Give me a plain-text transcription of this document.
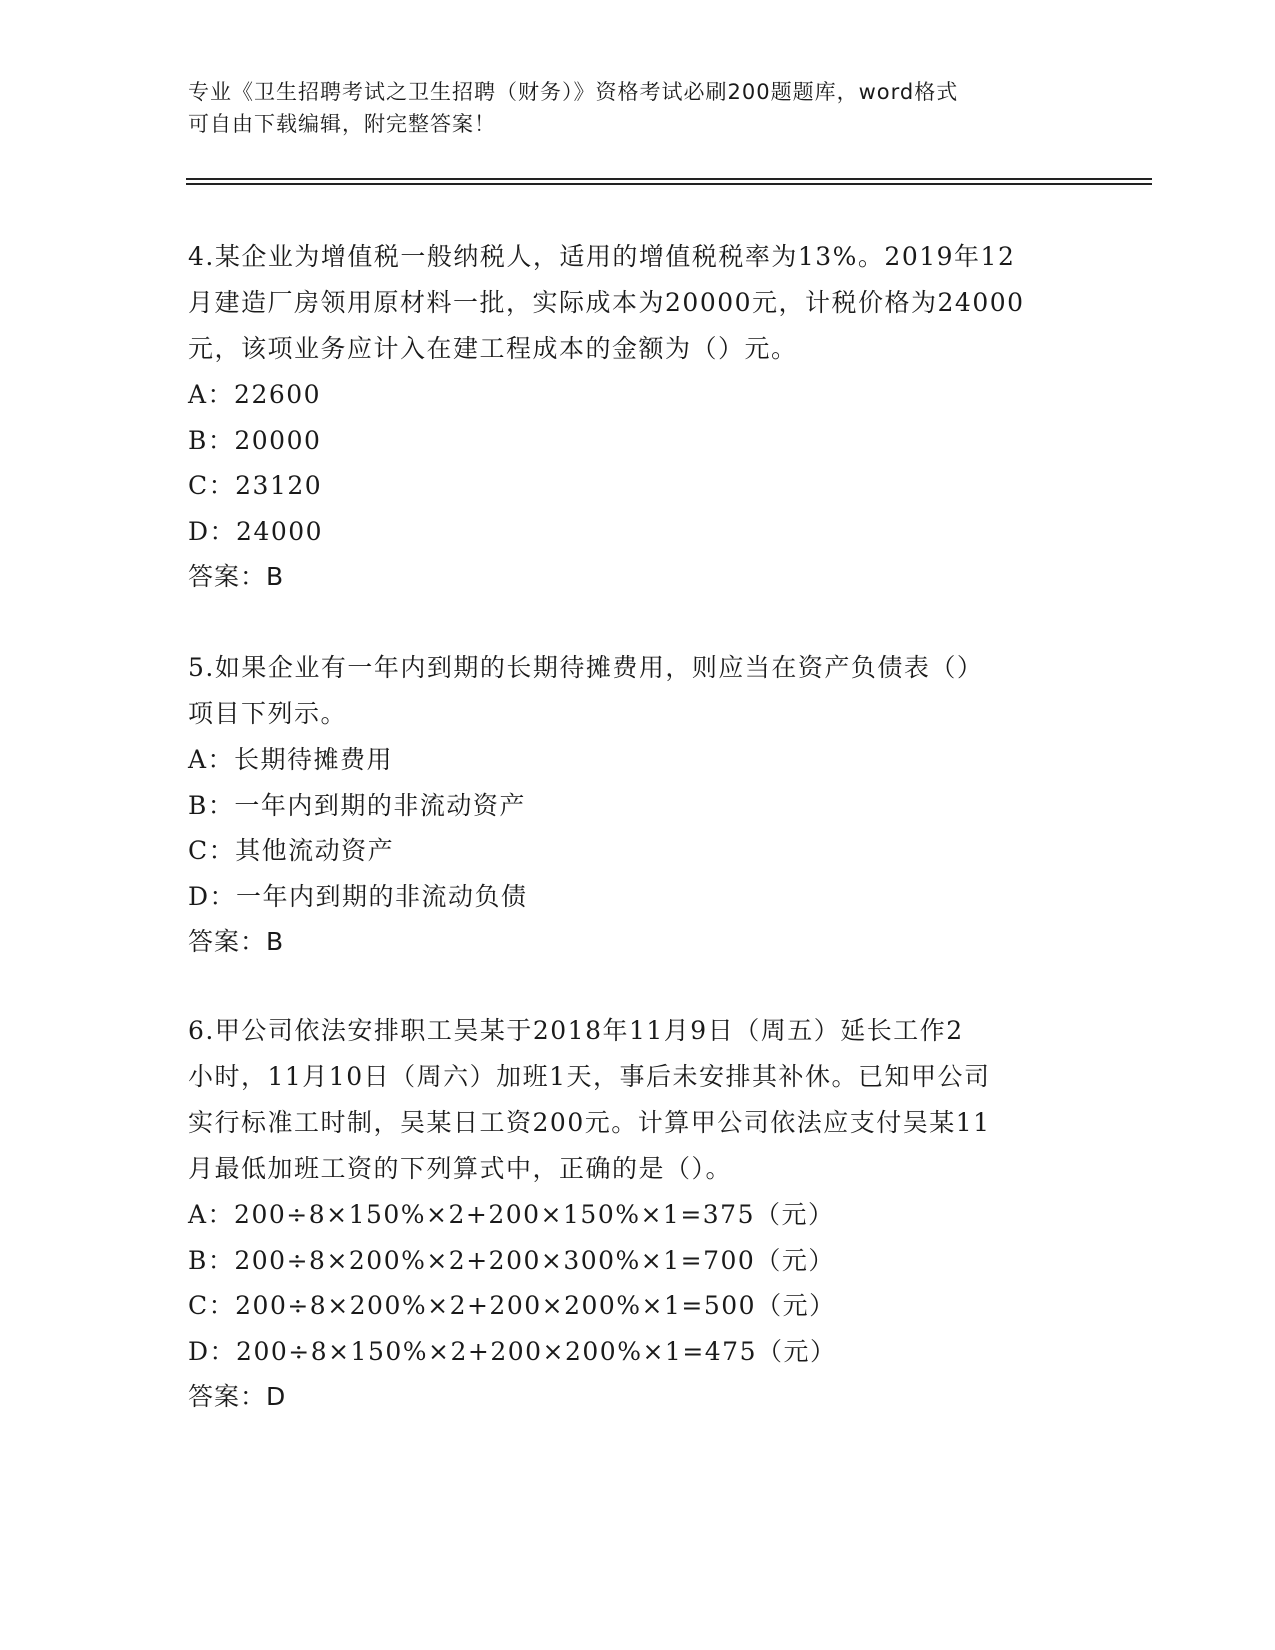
专业《卫生招聘考试之卫生招聘（财务）》资格考试必刷200题题库，word格式
可自由下载编辑，附完整答案！
4.某企业为增值税一般纳税人，适用的增值税税率为13%。2019年12
月建造厂房领用原材料一批，实际成本为20000元，计税价格为24000
元，该项业务应计入在建工程成本的金额为（）元。
A：22600
B：20000
C：23120
D：24000
答案：B
5.如果企业有一年内到期的长期待摊费用，则应当在资产负债表（）
项目下列示。
A：长期待摊费用
B：一年内到期的非流动资产
C：其他流动资产
D：一年内到期的非流动负债
答案：B
6.甲公司依法安排职工吴某于2018年11月9日（周五）延长工作2
小时，11月10日（周六）加班1天，事后未安排其补休。已知甲公司
实行标准工时制，吴某日工资200元。计算甲公司依法应支付吴某11
月最低加班工资的下列算式中，正确的是（）。
A：200÷8×150%×2+200×150%×1=375（元）
B：200÷8×200%×2+200×300%×1=700（元）
C：200÷8×200%×2+200×200%×1=500（元）
D：200÷8×150%×2+200×200%×1=475（元）
答案：D
